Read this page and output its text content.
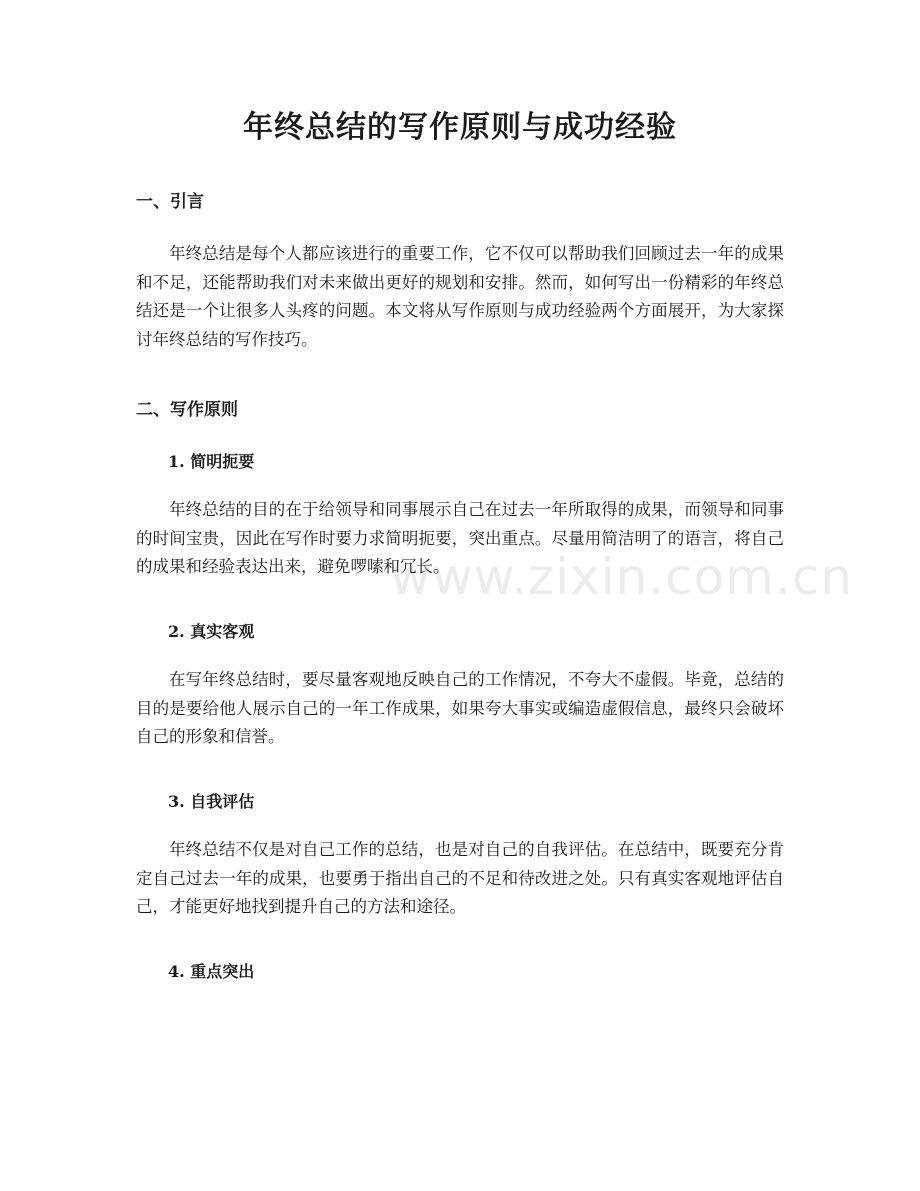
www.zixin.com.cn
年终总结的写作原则与成功经验
一、引言

年终总结是每个人都应该进行的重要工作，它不仅可以帮助我们回顾过去一年的成果和不足，还能帮助我们对未来做出更好的规划和安排。然而，如何写出一份精彩的年终总结还是一个让很多人头疼的问题。本文将从写作原则与成功经验两个方面展开，为大家探讨年终总结的写作技巧。

二、写作原则
1. 简明扼要

年终总结的目的在于给领导和同事展示自己在过去一年所取得的成果，而领导和同事的时间宝贵，因此在写作时要力求简明扼要，突出重点。尽量用简洁明了的语言，将自己的成果和经验表达出来，避免啰嗦和冗长。

2. 真实客观

在写年终总结时，要尽量客观地反映自己的工作情况，不夸大不虚假。毕竟，总结的目的是要给他人展示自己的一年工作成果，如果夸大事实或编造虚假信息，最终只会破坏自己的形象和信誉。

3. 自我评估

年终总结不仅是对自己工作的总结，也是对自己的自我评估。在总结中，既要充分肯定自己过去一年的成果，也要勇于指出自己的不足和待改进之处。只有真实客观地评估自己，才能更好地找到提升自己的方法和途径。

4. 重点突出
